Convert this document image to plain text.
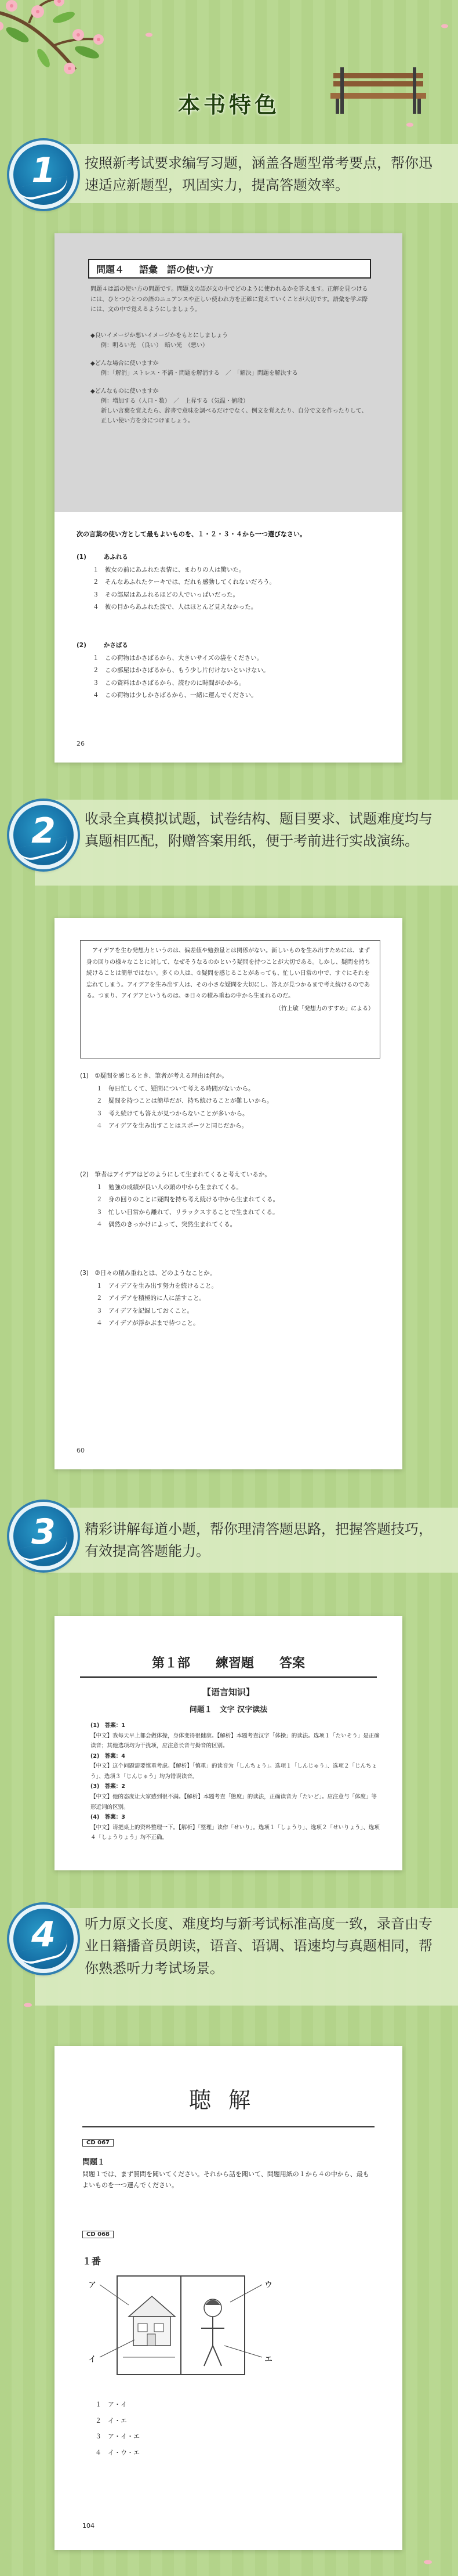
本书特色
1	按照新考试要求编写习题，涵盖各题型常考要点，帮你迅速适应新题型，巩固实力，提高答题效率。
問題４ 語彙 語の使い方
問題４は語の使い方の問題です。問題文の語が文の中でどのように使われるかを答えます。正解を見つけるには、ひとつひとつの語のニュアンスや正しい使われ方を正確に覚えていくことが大切です。語彙を学ぶ際には、文の中で覚えるようにしましょう。
◆良いイメージか悪いイメージかをもとにしましょう
例：明るい光　（良い）　暗い光　（悪い）
◆どんな場合に使いますか
例：「解消」ストレス・不満・問題を解消する　／　「解決」問題を解決する
◆どんなものに使いますか
例：増加する（人口・数）　／　上昇する（気温・値段）
新しい言葉を覚えたら、辞書で意味を調べるだけでなく、例文を覚えたり、自分で文を作ったりして、正しい使い方を身につけましょう。
次の言葉の使い方として最もよいものを、１・２・３・４から一つ選びなさい。
(1)	あふれる
１　彼女の前にあふれた表情に、まわりの人は驚いた。
２　そんなあふれたケーキでは、だれも感動してくれないだろう。
３　その部屋はあふれるほどの人でいっぱいだった。
４　彼の目からあふれた涙で、人はほとんど見えなかった。
(2)	かさばる
１　この荷物はかさばるから、大きいサイズの袋をください。
２　この部屋はかさばるから、もう少し片付けないといけない。
３　この資料はかさばるから、読むのに時間がかかる。
４　この荷物は少しかさばるから、一緒に運んでください。
26
2	收录全真模拟试题，试卷结构、题目要求、试题难度均与真题相匹配，附赠答案用纸，便于考前进行实战演练。
アイデアを生む発想力というのは、偏差値や勉強量とは関係がない。新しいものを生み出すためには、まず身の回りの様々なことに対して、なぜそうなるのかという疑問を持つことが大切である。しかし、疑問を持ち続けることは簡単ではない。多くの人は、①疑問を感じることがあっても、忙しい日常の中で、すぐにそれを忘れてしまう。アイデアを生み出す人は、その小さな疑問を大切にし、答えが見つかるまで考え続けるのである。つまり、アイデアというものは、②日々の積み重ねの中から生まれるのだ。
（竹上敏「発想力のすすめ」による）
(1)　①疑問を感じるとき、筆者が考える理由は何か。
１　毎日忙しくて、疑問について考える時間がないから。
２　疑問を持つことは簡単だが、持ち続けることが難しいから。
３　考え続けても答えが見つからないことが多いから。
４　アイデアを生み出すことはスポーツと同じだから。
(2)　筆者はアイデアはどのようにして生まれてくると考えているか。
１　勉強の成績が良い人の頭の中から生まれてくる。
２　身の回りのことに疑問を持ち考え続ける中から生まれてくる。
３　忙しい日常から離れて、リラックスすることで生まれてくる。
４　偶然のきっかけによって、突然生まれてくる。
(3)　②日々の積み重ねとは、どのようなことか。
１　アイデアを生み出す努力を続けること。
２　アイデアを積極的に人に話すこと。
３　アイデアを記録しておくこと。
４　アイデアが浮かぶまで待つこと。
60
3	精彩讲解每道小题，帮你理清答题思路，把握答题技巧，有效提高答题能力。
第１部　　練習題　　答案
【语言知识】
问题１　文字 汉字读法
(1)　答案：1
【中文】我每天早上都会做体操，身体变得很健康。【解析】本题考查汉字「体操」的读法。选项１「たいそう」是正确读音；其他选项均为干扰项，应注意长音与拗音的区别。
(2)　答案：4
【中文】这个问题需要慎重考虑。【解析】「慎重」的读音为「しんちょう」。选项１「しんじゅう」、选项２「じんちょう」、选项３「じんじゅう」均为错误读音。
(3)　答案：2
【中文】他的态度让大家感到很不满。【解析】本题考查「態度」的读法，正确读音为「たいど」。应注意与「体度」等形近词的区别。
(4)　答案：3
【中文】请把桌上的资料整理一下。【解析】「整理」读作「せいり」。选项１「しょうり」、选项２「せいりょう」、选项４「しょうりょう」均不正确。
4	听力原文长度、难度均与新考试标准高度一致，录音由专业日籍播音员朗读，语音、语调、语速均与真题相同，帮你熟悉听力考试场景。
聴解
CD 067
問題１
問題１では、まず質問を聞いてください。それから話を聞いて、問題用紙の１から４の中から、最もよいものを一つ選んでください。
CD 068
１番
ア
イ
ウ
エ
１　ア・イ
２　イ・エ
３　ア・イ・エ
４　イ・ウ・エ
104
